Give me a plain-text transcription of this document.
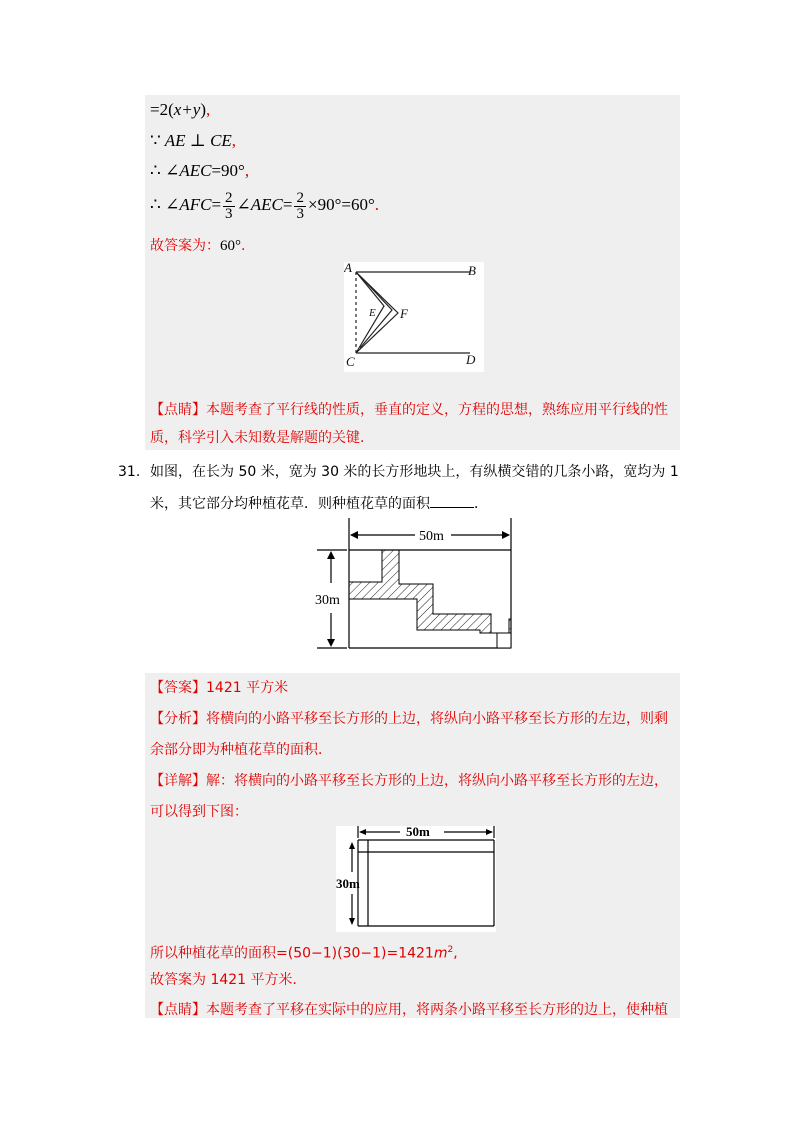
=2(x+y),
∵ AE ⊥ CE,
∴ ∠AEC=90°,
∴ ∠AFC= $\frac{2}{3}$ ∠AEC= $\frac{2}{3} \times 90^\circ=60^\circ$.
故答案为：60°.
A	B
C	D
E F
【点睛】本题考查了平行线的性质，垂直的定义，方程的思想，熟练应用平行线的性
质，科学引入未知数是解题的关键.
31. 如图，在长为 50 米，宽为 30 米的长方形地块上，有纵横交错的几条小路，宽均为 1
米，其它部分均种植花草．则种植花草的面积	．
50m
30m
【答案】1421 平方米
【分析】将横向的小路平移至长方形的上边，将纵向小路平移至长方形的左边，则剩
余部分即为种植花草的面积．
【详解】解：将横向的小路平移至长方形的上边，将纵向小路平移至长方形的左边，
可以得到下图：
50m
30m
所以种植花草的面积$=(50-1)(30-1)=1421m^2$,
故答案为 1421 平方米．
【点睛】本题考查了平移在实际中的应用，将两条小路平移至长方形的边上，使种植
